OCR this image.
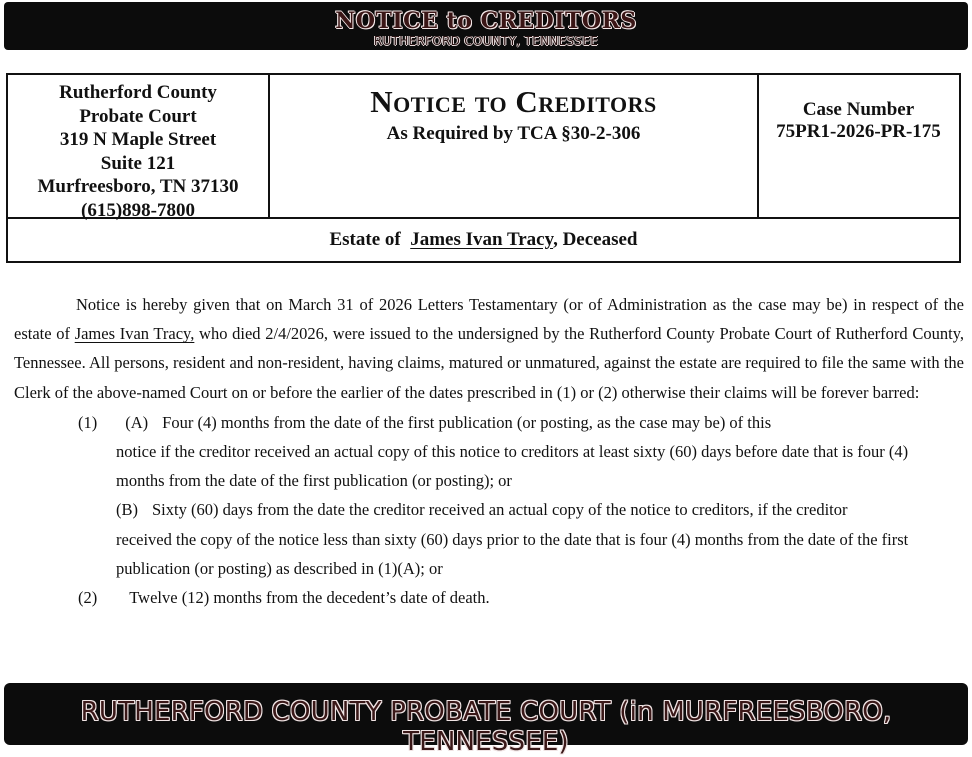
NOTICE to CREDITORS
RUTHERFORD COUNTY, TENNESSEE
Rutherford County
Probate Court
319 N Maple Street
Suite 121
Murfreesboro, TN 37130
(615)898-7800
Notice to Creditors
As Required by TCA §30-2-306
Case Number
75PR1-2026-PR-175
Estate of James Ivan Tracy, Deceased

Notice is hereby given that on March 31 of 2026 Letters Testamentary (or of Administration as the case may be) in respect of the estate of James Ivan Tracy, who died 2/4/2026, were issued to the undersigned by the Rutherford County Probate Court of Rutherford County, Tennessee. All persons, resident and non-resident, having claims, matured or unmatured, against the estate are required to file the same with the Clerk of the above-named Court on or before the earlier of the dates prescribed in (1) or (2) otherwise their claims will be forever barred:

(1) (A) Four (4) months from the date of the first publication (or posting, as the case may be) of this

notice if the creditor received an actual copy of this notice to creditors at least sixty (60) days before date that is four (4)

months from the date of the first publication (or posting); or

(B) Sixty (60) days from the date the creditor received an actual copy of the notice to creditors, if the creditor

received the copy of the notice less than sixty (60) days prior to the date that is four (4) months from the date of the first

publication (or posting) as described in (1)(A); or

(2) Twelve (12) months from the decedent’s date of death.

RUTHERFORD COUNTY PROBATE COURT (in MURFREESBORO, TENNESSEE)
